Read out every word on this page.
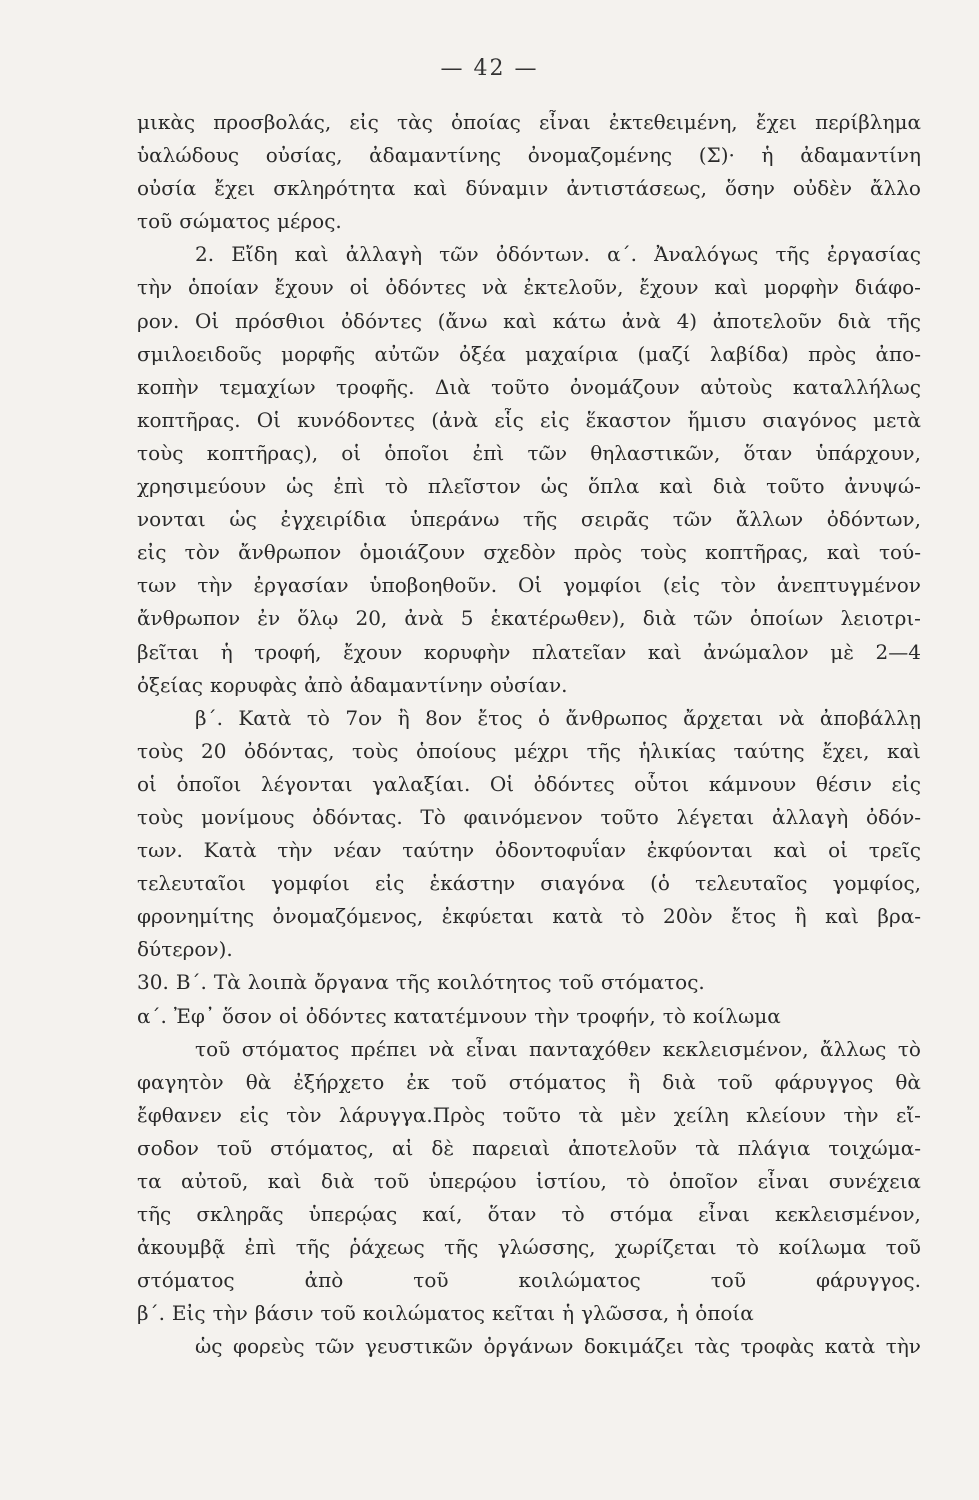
— 42 —
μικὰς προσβολάς, εἰς τὰς ὁποίας εἶναι ἐκτεθειμένη, ἔχει περίβλημα
ὑαλώδους οὐσίας, ἀδαμαντίνης ὀνομαζομένης (Σ)· ἡ ἀδαμαντίνη
οὐσία ἔχει σκληρότητα καὶ δύναμιν ἀντιστάσεως, ὅσην οὐδὲν ἄλλο
τοῦ σώματος μέρος.
2. Εἴδη καὶ ἀλλαγὴ τῶν ὀδόντων. α΄. Ἀναλόγως τῆς ἐργασίας
τὴν ὁποίαν ἔχουν οἱ ὀδόντες νὰ ἐκτελοῦν, ἔχουν καὶ μορφὴν διάφο-
ρον. Οἱ πρόσθιοι ὀδόντες (ἄνω καὶ κάτω ἀνὰ 4) ἀποτελοῦν διὰ τῆς
σμιλοειδοῦς μορφῆς αὐτῶν ὀξέα μαχαίρια (μαζί λαβίδα) πρὸς ἀπο-
κοπὴν τεμαχίων τροφῆς. Διὰ τοῦτο ὀνομάζουν αὐτοὺς καταλλήλως
κοπτῆρας. Οἱ κυνόδοντες (ἀνὰ εἷς εἰς ἕκαστον ἥμισυ σιαγόνος μετὰ
τοὺς κοπτῆρας), οἱ ὁποῖοι ἐπὶ τῶν θηλαστικῶν, ὅταν ὑπάρχουν,
χρησιμεύουν ὡς ἐπὶ τὸ πλεῖστον ὡς ὅπλα καὶ διὰ τοῦτο ἀνυψώ-
νονται ὡς ἐγχειρίδια ὑπεράνω τῆς σειρᾶς τῶν ἄλλων ὀδόντων,
εἰς τὸν ἄνθρωπον ὁμοιάζουν σχεδὸν πρὸς τοὺς κοπτῆρας, καὶ τού-
των τὴν ἐργασίαν ὑποβοηθοῦν. Οἱ γομφίοι (εἰς τὸν ἀνεπτυγμένον
ἄνθρωπον ἐν ὅλῳ 20, ἀνὰ 5 ἑκατέρωθεν), διὰ τῶν ὁποίων λειοτρι-
βεῖται ἡ τροφή, ἔχουν κορυφὴν πλατεῖαν καὶ ἀνώμαλον μὲ 2—4
ὀξείας κορυφὰς ἀπὸ ἀδαμαντίνην οὐσίαν.
β΄. Κατὰ τὸ 7ον ἢ 8ον ἔτος ὁ ἄνθρωπος ἄρχεται νὰ ἀποβάλλῃ
τοὺς 20 ὀδόντας, τοὺς ὁποίους μέχρι τῆς ἡλικίας ταύτης ἔχει, καὶ
οἱ ὁποῖοι λέγονται γαλαξίαι. Οἱ ὀδόντες οὗτοι κάμνουν θέσιν εἰς
τοὺς μονίμους ὀδόντας. Τὸ φαινόμενον τοῦτο λέγεται ἀλλαγὴ ὀδόν-
των. Κατὰ τὴν νέαν ταύτην ὀδοντοφυΐαν ἐκφύονται καὶ οἱ τρεῖς
τελευταῖοι γομφίοι εἰς ἑκάστην σιαγόνα (ὁ τελευταῖος γομφίος,
φρονημίτης ὀνομαζόμενος, ἐκφύεται κατὰ τὸ 20ὸν ἔτος ἢ καὶ βρα-
δύτερον).
30. Β΄. Τὰ λοιπὰ ὄργανα τῆς κοιλότητος τοῦ στόματος.
α΄. Ἐφ᾽ ὅσον οἱ ὀδόντες κατατέμνουν τὴν τροφήν, τὸ κοίλωμα
τοῦ στόματος πρέπει νὰ εἶναι πανταχόθεν κεκλεισμένον, ἄλλως τὸ
φαγητὸν θὰ ἐξήρχετο ἐκ τοῦ στόματος ἢ διὰ τοῦ φάρυγγος θὰ
ἔφθανεν εἰς τὸν λάρυγγα.Πρὸς τοῦτο τὰ μὲν χείλη κλείουν τὴν εἴ-
σοδον τοῦ στόματος, αἱ δὲ παρειαὶ ἀποτελοῦν τὰ πλάγια τοιχώμα-
τα αὐτοῦ, καὶ διὰ τοῦ ὑπερῴου ἱστίου, τὸ ὁποῖον εἶναι συνέχεια
τῆς σκληρᾶς ὑπερῴας καί, ὅταν τὸ στόμα εἶναι κεκλεισμένον,
ἀκουμβᾷ ἐπὶ τῆς ῥάχεως τῆς γλώσσης, χωρίζεται τὸ κοίλωμα τοῦ
στόματος	ἀπὸ	τοῦ	κοιλώματος	τοῦ	φάρυγγος.
β΄. Εἰς τὴν βάσιν τοῦ κοιλώματος κεῖται ἡ γλῶσσα, ἡ ὁποία
ὡς φορεὺς τῶν γευστικῶν ὀργάνων δοκιμάζει τὰς τροφὰς κατὰ τὴν
